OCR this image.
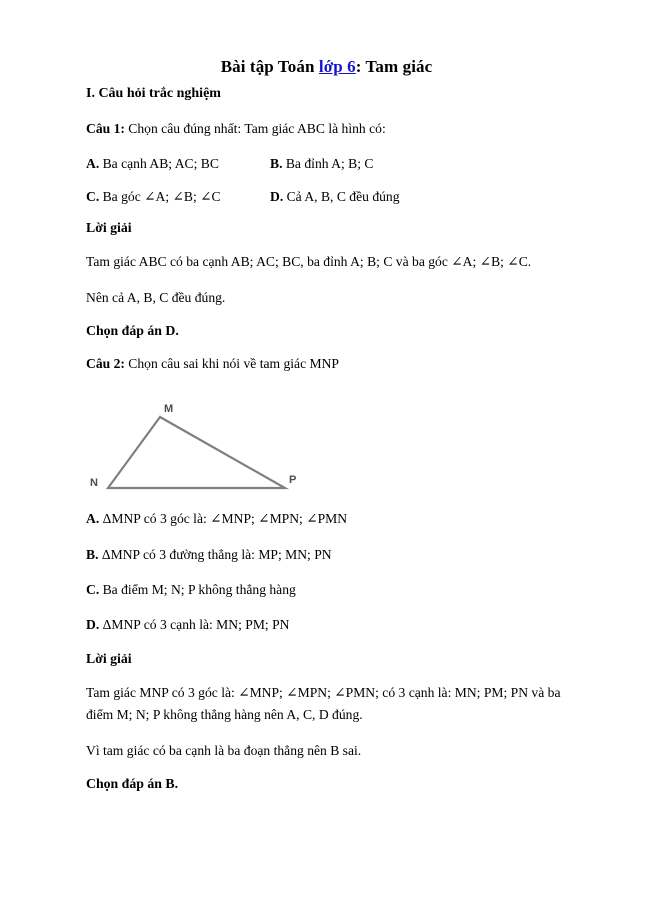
Bài tập Toán lớp 6: Tam giác
I. Câu hỏi trắc nghiệm
Câu 1: Chọn câu đúng nhất: Tam giác ABC là hình có:
A. Ba cạnh AB; AC; BC	B. Ba đỉnh A; B; C
C. Ba góc ∠A; ∠B; ∠C	D. Cả A, B, C đều đúng
Lời giải
Tam giác ABC có ba cạnh AB; AC; BC, ba đỉnh A; B; C và ba góc ∠A; ∠B; ∠C.
Nên cả A, B, C đều đúng.
Chọn đáp án D.
Câu 2: Chọn câu sai khi nói về tam giác MNP
M
N	P
A. ΔMNP có 3 góc là: ∠MNP; ∠MPN; ∠PMN
B. ΔMNP có 3 đường thẳng là: MP; MN; PN
C. Ba điểm M; N; P không thẳng hàng
D. ΔMNP có 3 cạnh là: MN; PM; PN
Lời giải
Tam giác MNP có 3 góc là: ∠MNP; ∠MPN; ∠PMN; có 3 cạnh là: MN; PM; PN và ba điểm M; N; P không thẳng hàng nên A, C, D đúng.
Vì tam giác có ba cạnh là ba đoạn thẳng nên B sai.
Chọn đáp án B.
